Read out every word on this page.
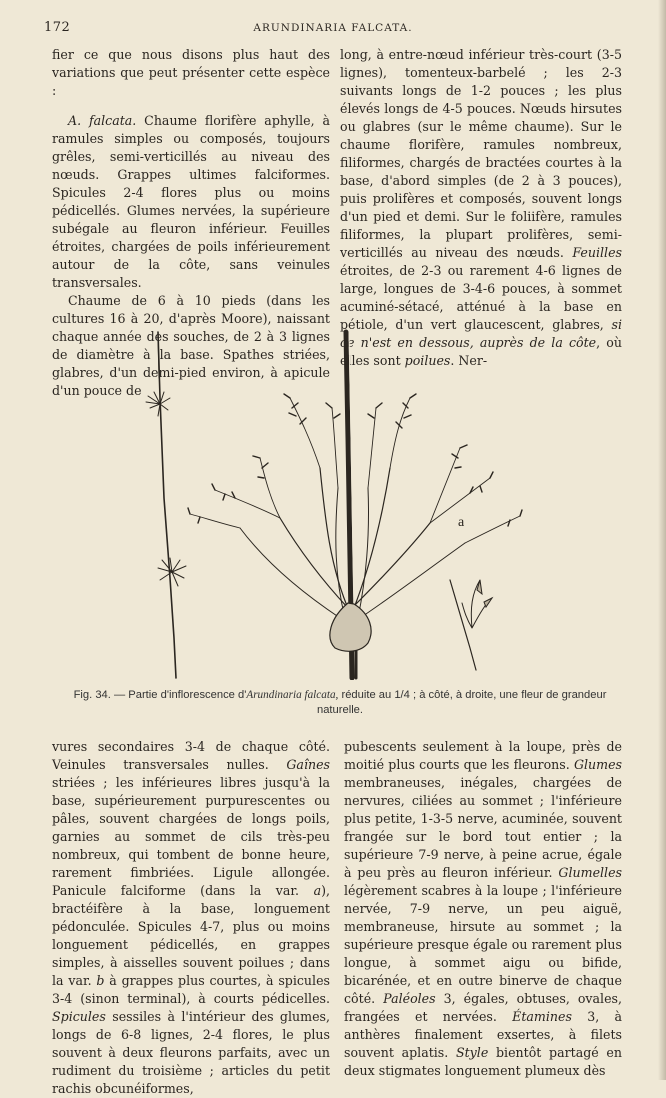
172	ARUNDINARIA FALCATA.

fier ce que nous disons plus haut des variations que peut présenter cette espèce :

A. falcata. Chaume florifère aphylle, à ramules simples ou composés, toujours grêles, semi-verticillés au niveau des nœuds. Grappes ultimes falciformes. Spicules 2-4 flores plus ou moins pédicellés. Glumes nervées, la supérieure subégale au fleuron inférieur. Feuilles étroites, chargées de poils inférieurement autour de la côte, sans veinules transversales.

Chaume de 6 à 10 pieds (dans les cultures 16 à 20, d'après Moore), naissant chaque année des souches, de 2 à 3 lignes de diamètre à la base. Spathes striées, glabres, d'un demi-pied environ, à apicule d'un pouce de

long, à entre-nœud inférieur très-court (3-5 lignes), tomenteux-barbelé ; les 2-3 suivants longs de 1-2 pouces ; les plus élevés longs de 4-5 pouces. Nœuds hirsutes ou glabres (sur le même chaume). Sur le chaume florifère, ramules nombreux, filiformes, chargés de bractées courtes à la base, d'abord simples (de 2 à 3 pouces), puis prolifères et composés, souvent longs d'un pied et demi. Sur le foliifère, ramules filiformes, la plupart prolifères, semi-verticillés au niveau des nœuds. Feuilles étroites, de 2-3 ou rarement 4-6 lignes de large, longues de 3-4-6 pouces, à sommet acuminé-sétacé, atténué à la base en pétiole, d'un vert glaucescent, glabres, si ce n'est en dessous, auprès de la côte, où elles sont poilues. Ner-

a
Fig. 34. — Partie d'inflorescence d'Arundinaria falcata, réduite au 1/4 ; à côté, à droite, une fleur de grandeur naturelle.

vures secondaires 3-4 de chaque côté. Veinules transversales nulles. Gaînes striées ; les inférieures libres jusqu'à la base, supérieurement purpurescentes ou pâles, souvent chargées de longs poils, garnies au sommet de cils très-peu nombreux, qui tombent de bonne heure, rarement fimbriées. Ligule allongée. Panicule falciforme (dans la var. a), bractéifère à la base, longuement pédonculée. Spicules 4-7, plus ou moins longuement pédicellés, en grappes simples, à aisselles souvent poilues ; dans la var. b à grappes plus courtes, à spicules 3-4 (sinon terminal), à courts pédicelles. Spicules sessiles à l'intérieur des glumes, longs de 6-8 lignes, 2-4 flores, le plus souvent à deux fleurons parfaits, avec un rudiment du troisième ; articles du petit rachis obcunéiformes,

pubescents seulement à la loupe, près de moitié plus courts que les fleurons. Glumes membraneuses, inégales, chargées de nervures, ciliées au sommet ; l'inférieure plus petite, 1-3-5 nerve, acuminée, souvent frangée sur le bord tout entier ; la supérieure 7-9 nerve, à peine acrue, égale à peu près au fleuron inférieur. Glumelles légèrement scabres à la loupe ; l'inférieure nervée, 7-9 nerve, un peu aiguë, membraneuse, hirsute au sommet ; la supérieure presque égale ou rarement plus longue, à sommet aigu ou bifide, bicarénée, et en outre binerve de chaque côté. Paléoles 3, égales, obtuses, ovales, frangées et nervées. Étamines 3, à anthères finalement exsertes, à filets souvent aplatis. Style bientôt partagé en deux stigmates longuement plumeux dès
